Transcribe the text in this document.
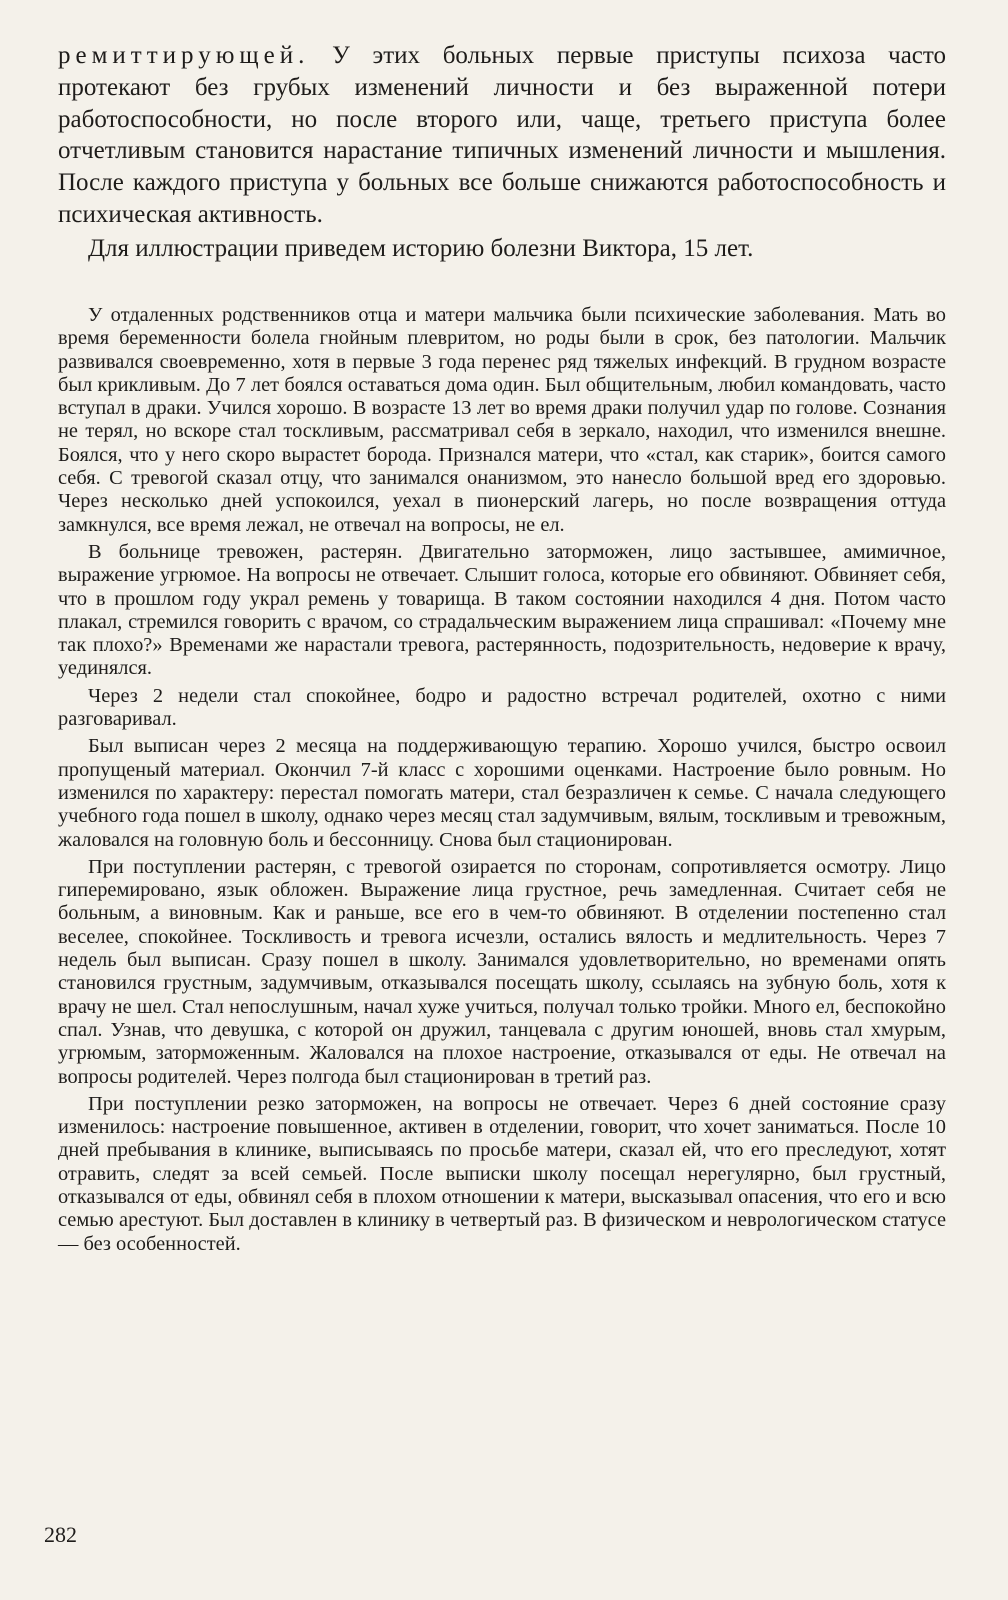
ремиттирующей. У этих больных первые приступы психоза часто протекают без грубых изменений личности и без выраженной потери работоспособности, но после второго или, чаще, третьего приступа более отчетливым становится нарастание типичных изменений личности и мышления. После каждого приступа у больных все больше снижаются работоспособность и психическая активность.

Для иллюстрации приведем историю болезни Виктора, 15 лет.

У отдаленных родственников отца и матери мальчика были психические заболевания. Мать во время беременности болела гнойным плевритом, но роды были в срок, без патологии. Мальчик развивался своевременно, хотя в первые 3 года перенес ряд тяжелых инфекций. В грудном возрасте был крикливым. До 7 лет боялся оставаться дома один. Был общительным, любил командовать, часто вступал в драки. Учился хорошо. В возрасте 13 лет во время драки получил удар по голове. Сознания не терял, но вскоре стал тоскливым, рассматривал себя в зеркало, находил, что изменился внешне. Боялся, что у него скоро вырастет борода. Признался матери, что «стал, как старик», боится самого себя. С тревогой сказал отцу, что занимался онанизмом, это нанесло большой вред его здоровью. Через несколько дней успокоился, уехал в пионерский лагерь, но после возвращения оттуда замкнулся, все время лежал, не отвечал на вопросы, не ел.

В больнице тревожен, растерян. Двигательно заторможен, лицо застывшее, амимичное, выражение угрюмое. На вопросы не отвечает. Слышит голоса, которые его обвиняют. Обвиняет себя, что в прошлом году украл ремень у товарища. В таком состоянии находился 4 дня. Потом часто плакал, стремился говорить с врачом, со страдальческим выражением лица спрашивал: «Почему мне так плохо?» Временами же нарастали тревога, растерянность, подозрительность, недоверие к врачу, уединялся.

Через 2 недели стал спокойнее, бодро и радостно встречал родителей, охотно с ними разговаривал.

Был выписан через 2 месяца на поддерживающую терапию. Хорошо учился, быстро освоил пропущеный материал. Окончил 7-й класс с хорошими оценками. Настроение было ровным. Но изменился по характеру: перестал помогать матери, стал безразличен к семье. С начала следующего учебного года пошел в школу, однако через месяц стал задумчивым, вялым, тоскливым и тревожным, жаловался на головную боль и бессонницу. Снова был стационирован.

При поступлении растерян, с тревогой озирается по сторонам, сопротивляется осмотру. Лицо гиперемировано, язык обложен. Выражение лица грустное, речь замедленная. Считает себя не больным, а виновным. Как и раньше, все его в чем-то обвиняют. В отделении постепенно стал веселее, спокойнее. Тоскливость и тревога исчезли, остались вялость и медлительность. Через 7 недель был выписан. Сразу пошел в школу. Занимался удовлетворительно, но временами опять становился грустным, задумчивым, отказывался посещать школу, ссылаясь на зубную боль, хотя к врачу не шел. Стал непослушным, начал хуже учиться, получал только тройки. Много ел, беспокойно спал. Узнав, что девушка, с которой он дружил, танцевала с другим юношей, вновь стал хмурым, угрюмым, заторможенным. Жаловался на плохое настроение, отказывался от еды. Не отвечал на вопросы родителей. Через полгода был стационирован в третий раз.

При поступлении резко заторможен, на вопросы не отвечает. Через 6 дней состояние сразу изменилось: настроение повышенное, активен в отделении, говорит, что хочет заниматься. После 10 дней пребывания в клинике, выписываясь по просьбе матери, сказал ей, что его преследуют, хотят отравить, следят за всей семьей. После выписки школу посещал нерегулярно, был грустный, отказывался от еды, обвинял себя в плохом отношении к матери, высказывал опасения, что его и всю семью арестуют. Был доставлен в клинику в четвертый раз. В физическом и неврологическом статусе — без особенностей.

282
